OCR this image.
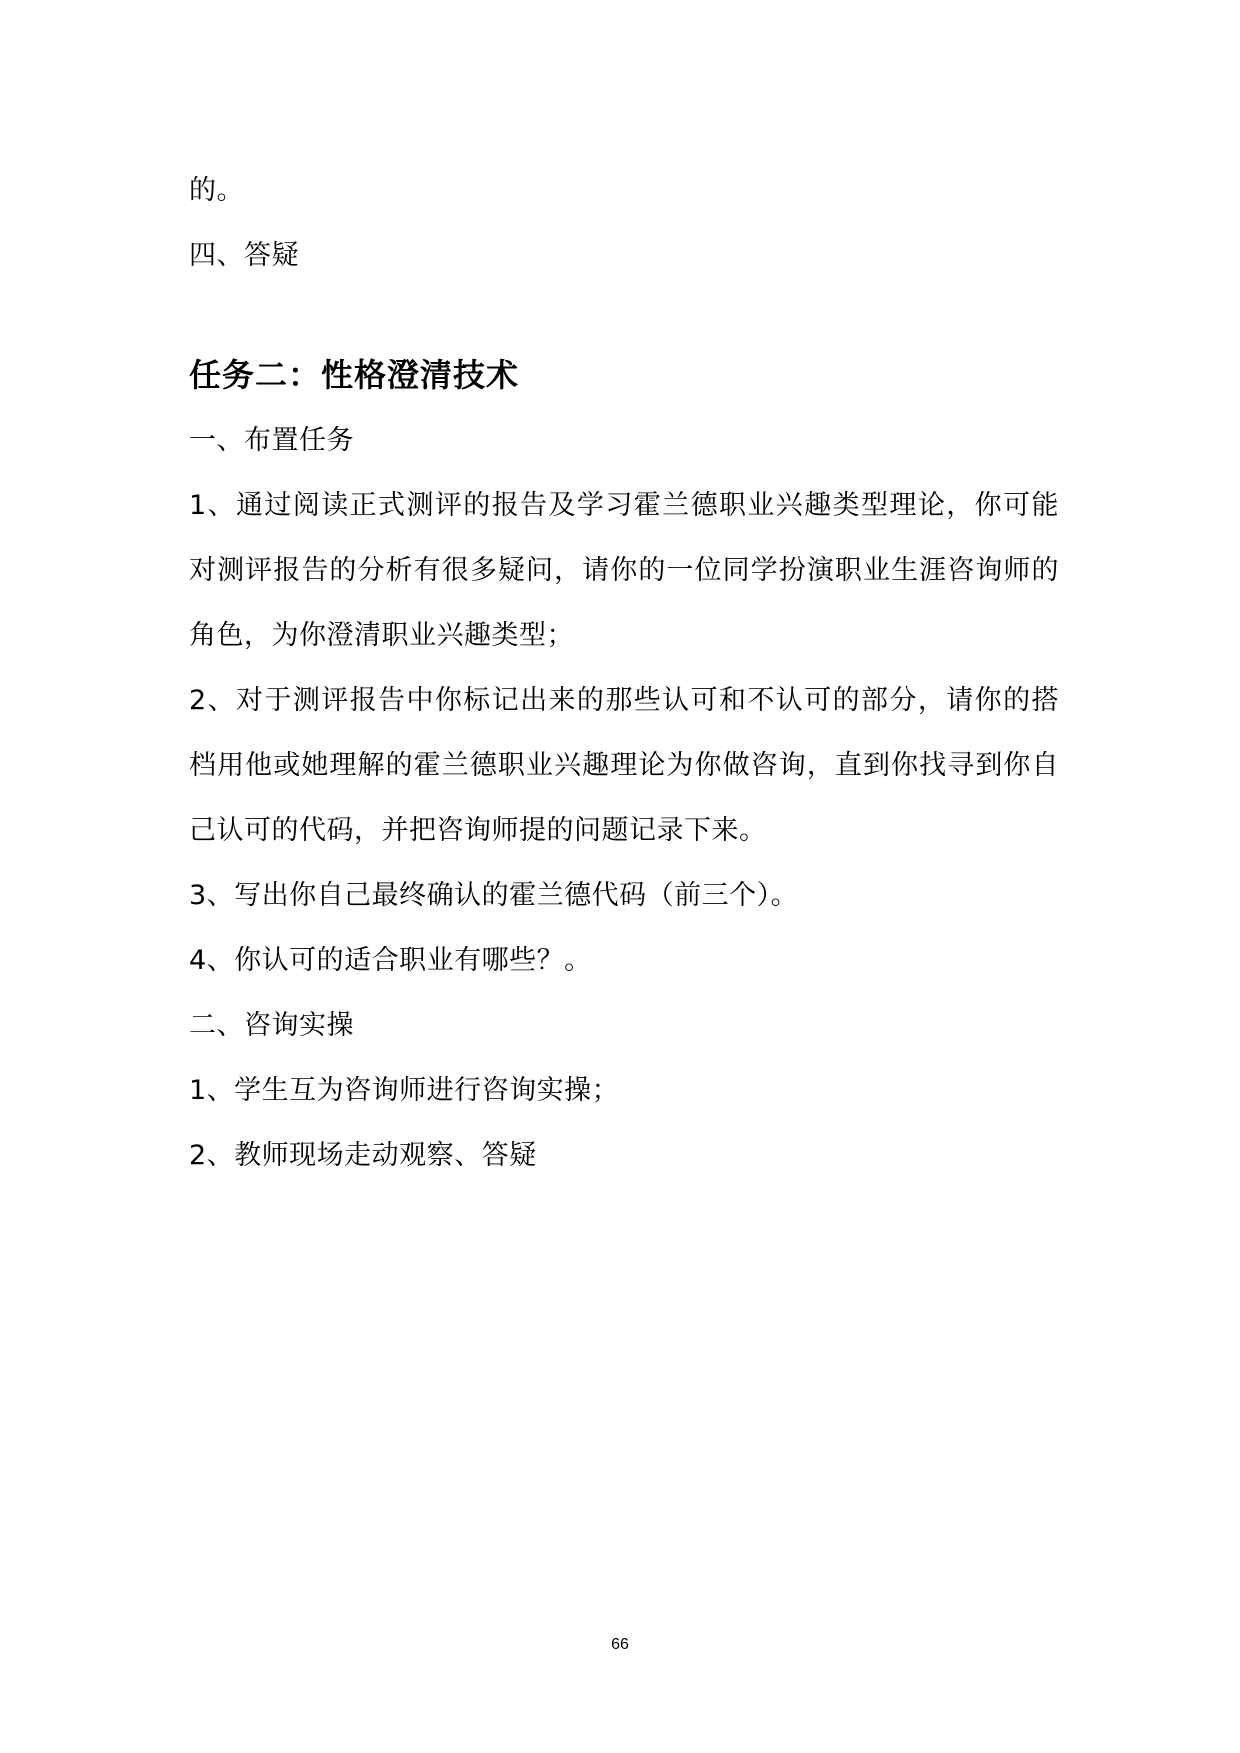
的。
四、答疑
任务二：性格澄清技术
一、布置任务
1、通过阅读正式测评的报告及学习霍兰德职业兴趣类型理论，你可能对测评报告的分析有很多疑问，请你的一位同学扮演职业生涯咨询师的角色，为你澄清职业兴趣类型；
2、对于测评报告中你标记出来的那些认可和不认可的部分，请你的搭档用他或她理解的霍兰德职业兴趣理论为你做咨询，直到你找寻到你自己认可的代码，并把咨询师提的问题记录下来。
3、写出你自己最终确认的霍兰德代码（前三个）。
4、你认可的适合职业有哪些？。
二、咨询实操
1、学生互为咨询师进行咨询实操；
2、教师现场走动观察、答疑
66
